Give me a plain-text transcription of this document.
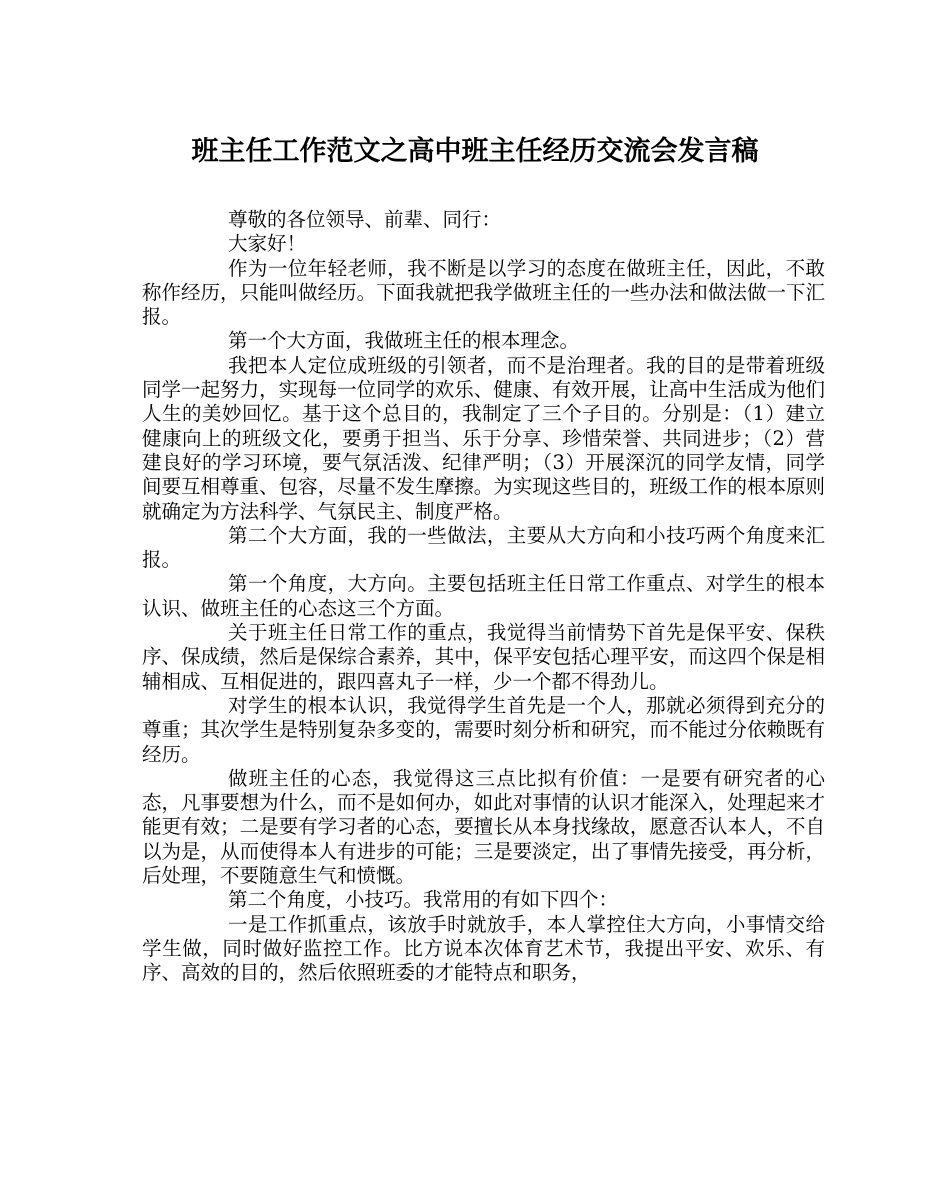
班主任工作范文之高中班主任经历交流会发言稿

尊敬的各位领导、前辈、同行：

大家好！

作为一位年轻老师，我不断是以学习的态度在做班主任，因此，不敢称作经历，只能叫做经历。下面我就把我学做班主任的一些办法和做法做一下汇报。

第一个大方面，我做班主任的根本理念。

我把本人定位成班级的引领者，而不是治理者。我的目的是带着班级同学一起努力，实现每一位同学的欢乐、健康、有效开展，让高中生活成为他们人生的美妙回忆。基于这个总目的，我制定了三个子目的。分别是：（1）建立健康向上的班级文化，要勇于担当、乐于分享、珍惜荣誉、共同进步；（2）营建良好的学习环境，要气氛活泼、纪律严明；（3）开展深沉的同学友情，同学间要互相尊重、包容，尽量不发生摩擦。为实现这些目的，班级工作的根本原则就确定为方法科学、气氛民主、制度严格。

第二个大方面，我的一些做法，主要从大方向和小技巧两个角度来汇报。

第一个角度，大方向。主要包括班主任日常工作重点、对学生的根本认识、做班主任的心态这三个方面。

关于班主任日常工作的重点，我觉得当前情势下首先是保平安、保秩序、保成绩，然后是保综合素养，其中，保平安包括心理平安，而这四个保是相辅相成、互相促进的，跟四喜丸子一样，少一个都不得劲儿。

对学生的根本认识，我觉得学生首先是一个人，那就必须得到充分的尊重；其次学生是特别复杂多变的，需要时刻分析和研究，而不能过分依赖既有经历。

做班主任的心态，我觉得这三点比拟有价值：一是要有研究者的心态，凡事要想为什么，而不是如何办，如此对事情的认识才能深入，处理起来才能更有效；二是要有学习者的心态，要擅长从本身找缘故，愿意否认本人，不自以为是，从而使得本人有进步的可能；三是要淡定，出了事情先接受，再分析，后处理，不要随意生气和愤慨。

第二个角度，小技巧。我常用的有如下四个：

一是工作抓重点，该放手时就放手，本人掌控住大方向，小事情交给学生做，同时做好监控工作。比方说本次体育艺术节，我提出平安、欢乐、有序、高效的目的，然后依照班委的才能特点和职务，
